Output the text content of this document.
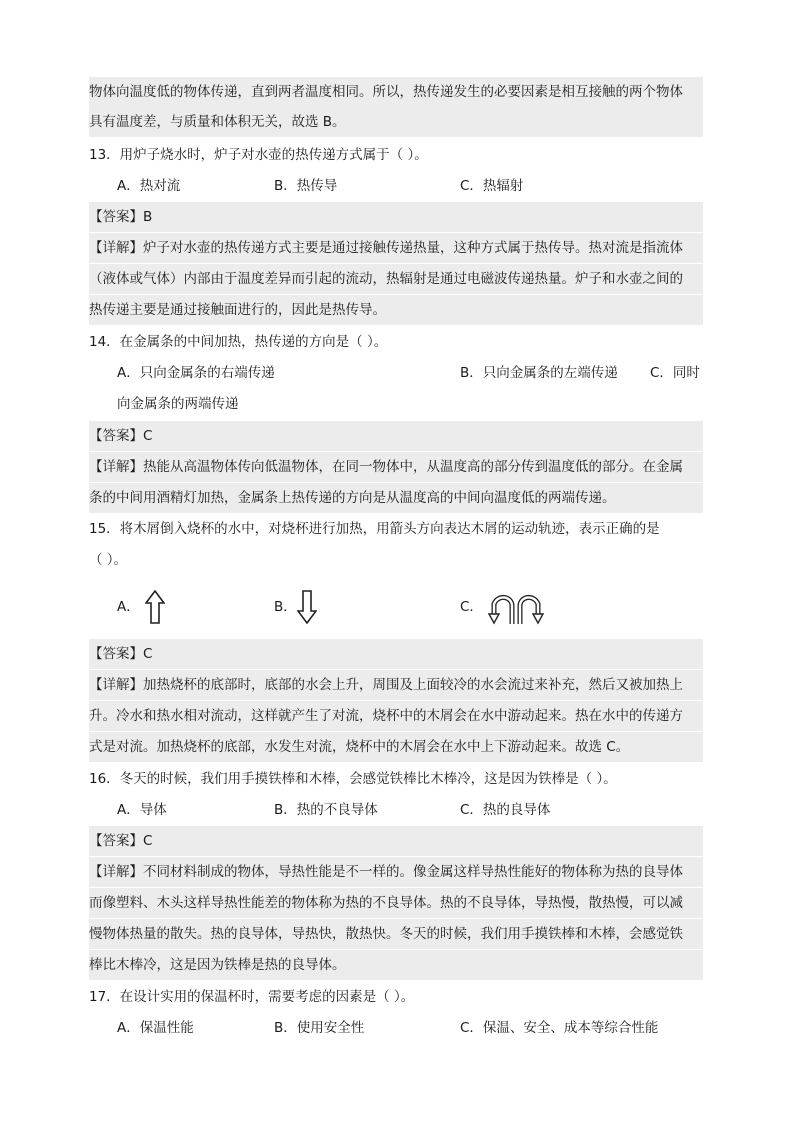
物体向温度低的物体传递，直到两者温度相同。所以，热传递发生的必要因素是相互接触的两个物体
具有温度差，与质量和体积无关，故选 B。
13．用炉子烧水时，炉子对水壶的热传递方式属于（ ）。
A．热对流	B．热传导	C．热辐射
【答案】B
【详解】炉子对水壶的热传递方式主要是通过接触传递热量，这种方式属于热传导。热对流是指流体
（液体或气体）内部由于温度差异而引起的流动，热辐射是通过电磁波传递热量。炉子和水壶之间的
热传递主要是通过接触面进行的，因此是热传导。
14．在金属条的中间加热，热传递的方向是（ ）。
A．只向金属条的右端传递	B．只向金属条的左端传递 C．同时
向金属条的两端传递
【答案】C
【详解】热能从高温物体传向低温物体，在同一物体中，从温度高的部分传到温度低的部分。在金属
条的中间用酒精灯加热，金属条上热传递的方向是从温度高的中间向温度低的两端传递。
15．将木屑倒入烧杯的水中，对烧杯进行加热，用箭头方向表达木屑的运动轨迹，表示正确的是
（ ）。
A．	B．	C．
【答案】C
【详解】加热烧杯的底部时，底部的水会上升，周围及上面较冷的水会流过来补充，然后又被加热上
升。冷水和热水相对流动，这样就产生了对流，烧杯中的木屑会在水中游动起来。热在水中的传递方
式是对流。加热烧杯的底部，水发生对流，烧杯中的木屑会在水中上下游动起来。故选 C。
16．冬天的时候，我们用手摸铁棒和木棒，会感觉铁棒比木棒冷，这是因为铁棒是（ ）。
A．导体	B．热的不良导体	C．热的良导体
【答案】C
【详解】不同材料制成的物体，导热性能是不一样的。像金属这样导热性能好的物体称为热的良导体
而像塑料、木头这样导热性能差的物体称为热的不良导体。热的不良导体，导热慢，散热慢，可以减
慢物体热量的散失。热的良导体，导热快，散热快。冬天的时候，我们用手摸铁棒和木棒，会感觉铁
棒比木棒冷，这是因为铁棒是热的良导体。
17．在设计实用的保温杯时，需要考虑的因素是（ ）。
A．保温性能	B．使用安全性	C．保温、安全、成本等综合性能
